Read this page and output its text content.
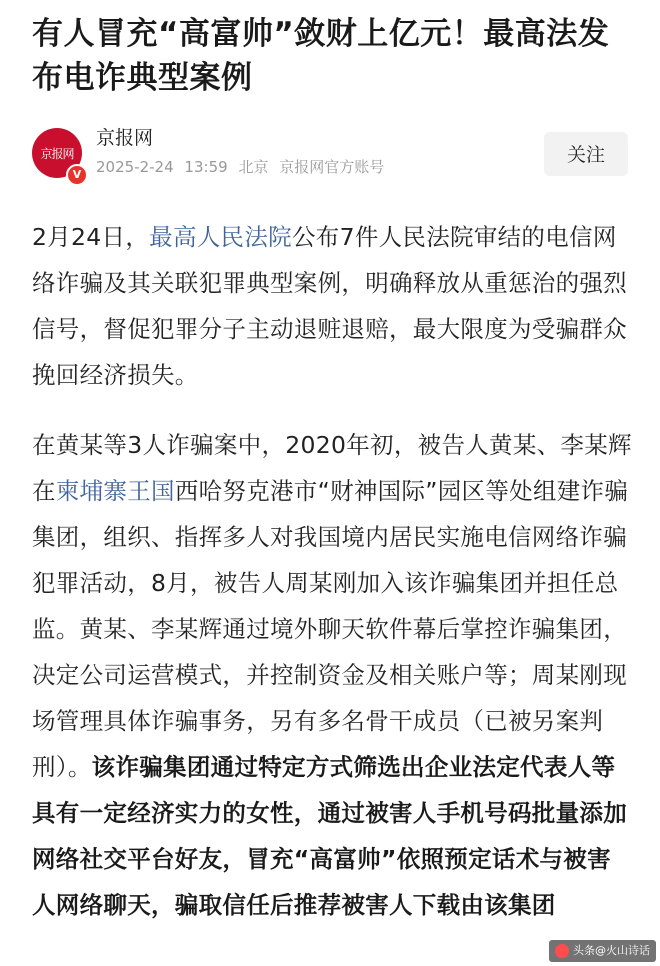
有人冒充“高富帅”敛财上亿元！最高法发布电诈典型案例
京报网
V
京报网
2025-2-24 13:59 北京 京报网官方账号
关注

2月24日，最高人民法院公布7件人民法院审结的电信网络诈骗及其关联犯罪典型案例，明确释放从重惩治的强烈信号，督促犯罪分子主动退赃退赔，最大限度为受骗群众挽回经济损失。

在黄某等3人诈骗案中，2020年初，被告人黄某、李某辉在柬埔寨王国西哈努克港市“财神国际”园区等处组建诈骗集团，组织、指挥多人对我国境内居民实施电信网络诈骗犯罪活动，8月，被告人周某刚加入该诈骗集团并担任总监。黄某、李某辉通过境外聊天软件幕后掌控诈骗集团，决定公司运营模式，并控制资金及相关账户等；周某刚现场管理具体诈骗事务，另有多名骨干成员（已被另案判刑）。该诈骗集团通过特定方式筛选出企业法定代表人等具有一定经济实力的女性，通过被害人手机号码批量添加网络社交平台好友，冒充“高富帅”依照预定话术与被害人网络聊天，骗取信任后推荐被害人下载由该集团

头条@火山诗话
